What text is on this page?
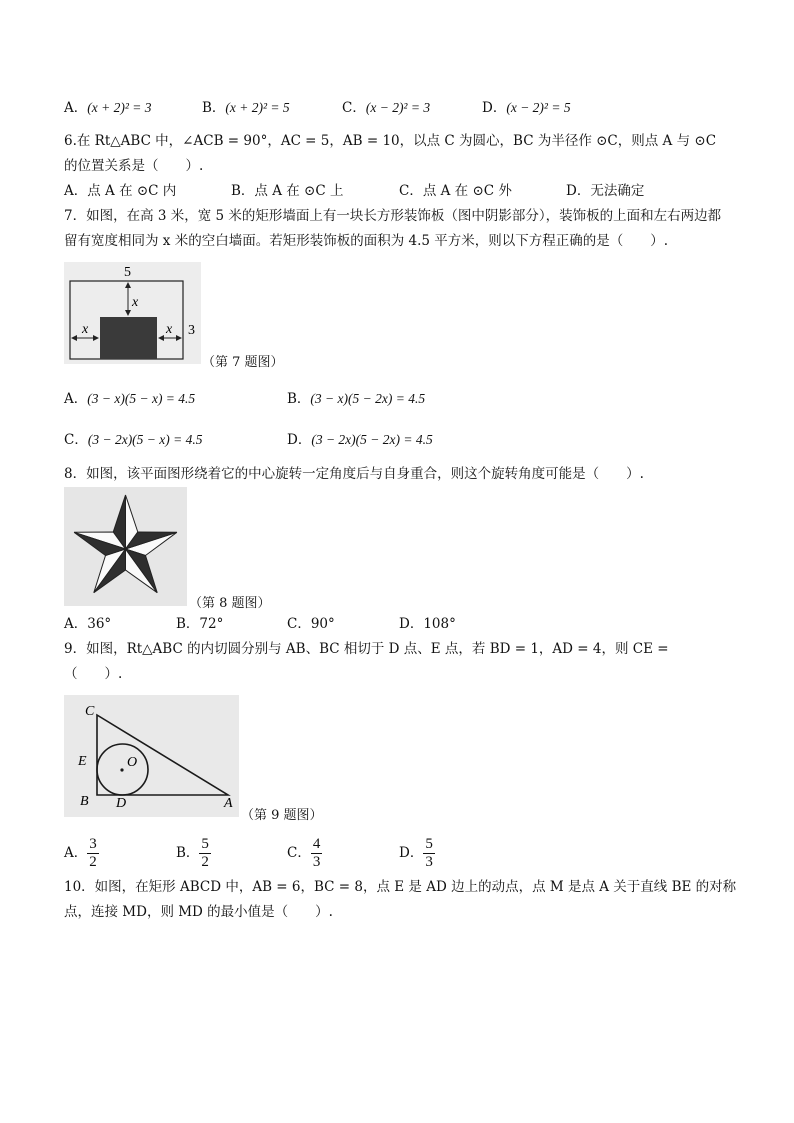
A．(x + 2)² = 3	B．(x + 2)² = 5	C．(x − 2)² = 3	D．(x − 2)² = 5
6.在 Rt△ABC 中，∠ACB = 90°，AC = 5，AB = 10，以点 C 为圆心，BC 为半径作 ⊙C，则点 A 与 ⊙C
的位置关系是（　　）.
A．点 A 在 ⊙C 内	B．点 A 在 ⊙C 上	C．点 A 在 ⊙C 外	D．无法确定
7．如图，在高 3 米，宽 5 米的矩形墙面上有一块长方形装饰板（图中阴影部分），装饰板的上面和左右两边都
留有宽度相同为 x 米的空白墙面。若矩形装饰板的面积为 4.5 平方米，则以下方程正确的是（　　）.
5
3
x
x	x
（第 7 题图）
A．(3 − x)(5 − x) = 4.5	B．(3 − x)(5 − 2x) = 4.5
C．(3 − 2x)(5 − x) = 4.5	D．(3 − 2x)(5 − 2x) = 4.5
8．如图，该平面图形绕着它的中心旋转一定角度后与自身重合，则这个旋转角度可能是（　　）.
（第 8 题图）
A．36°	B．72°	C．90°	D．108°
9．如图，Rt△ABC 的内切圆分别与 AB、BC 相切于 D 点、E 点，若 BD = 1，AD = 4，则 CE =
（　　）.
C
E	O
B D	A
（第 9 题图）
A． $\frac{3}{2}$	B． $\frac{5}{2}$	C． $\frac{4}{3}$	D． $\frac{5}{3}$
10．如图，在矩形 ABCD 中，AB = 6，BC = 8，点 E 是 AD 边上的动点，点 M 是点 A 关于直线 BE 的对称
点，连接 MD，则 MD 的最小值是（　　）.
